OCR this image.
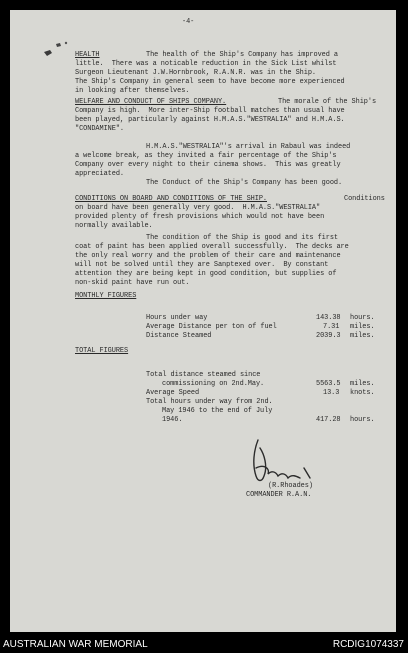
-4-
HEALTH	The health of the Ship's Company has improved a
little.  There was a noticable reduction in the Sick List whilst
Surgeon Lieutenant J.W.Hornbrook, R.A.N.R. was in the Ship.
The Ship's Company in general seem to have become more experienced
in looking after themselves.
WELFARE AND CONDUCT OF SHIPS COMPANY.	The morale of the Ship's
Company is high.  More inter-Ship football matches than usual have
been played, particularly against H.M.A.S."WESTRALIA" and H.M.A.S.
"CONDAMINE".
H.M.A.S."WESTRALIA"'s arrival in Rabaul was indeed
a welcome break, as they invited a fair percentage of the Ship's
Company over every night to their cinema shows.  This was greatly
appreciated.
The Conduct of the Ship's Company has been good.
CONDITIONS ON BOARD AND CONDITIONS OF THE SHIP.	Conditions
on board have been generally very good.  H.M.A.S."WESTRALIA"
provided plenty of fresh provisions which would not have been
normally available.
The condition of the Ship is good and its first
coat of paint has been applied overall successfully.  The decks are
the only real worry and the problem of their care and maintenance
will not be solved until they are Sanptexed over.  By constant
attention they are being kept in good condition, but supplies of
non-skid paint have run out.
MONTHLY FIGURES
Hours under way	143.38 hours.
Average Distance per ton of fuel	7.31 miles.
Distance Steamed	2039.3 miles.
TOTAL FIGURES
Total distance steamed since
commissioning on 2nd.May.	5563.5 miles.
Average Speed	13.3 knots.
Total hours under way from 2nd.
May 1946 to the end of July
1946.	417.28 hours.
(R.Rhoades)
COMMANDER R.A.N.
AUSTRALIAN WAR MEMORIAL	RCDIG1074337
